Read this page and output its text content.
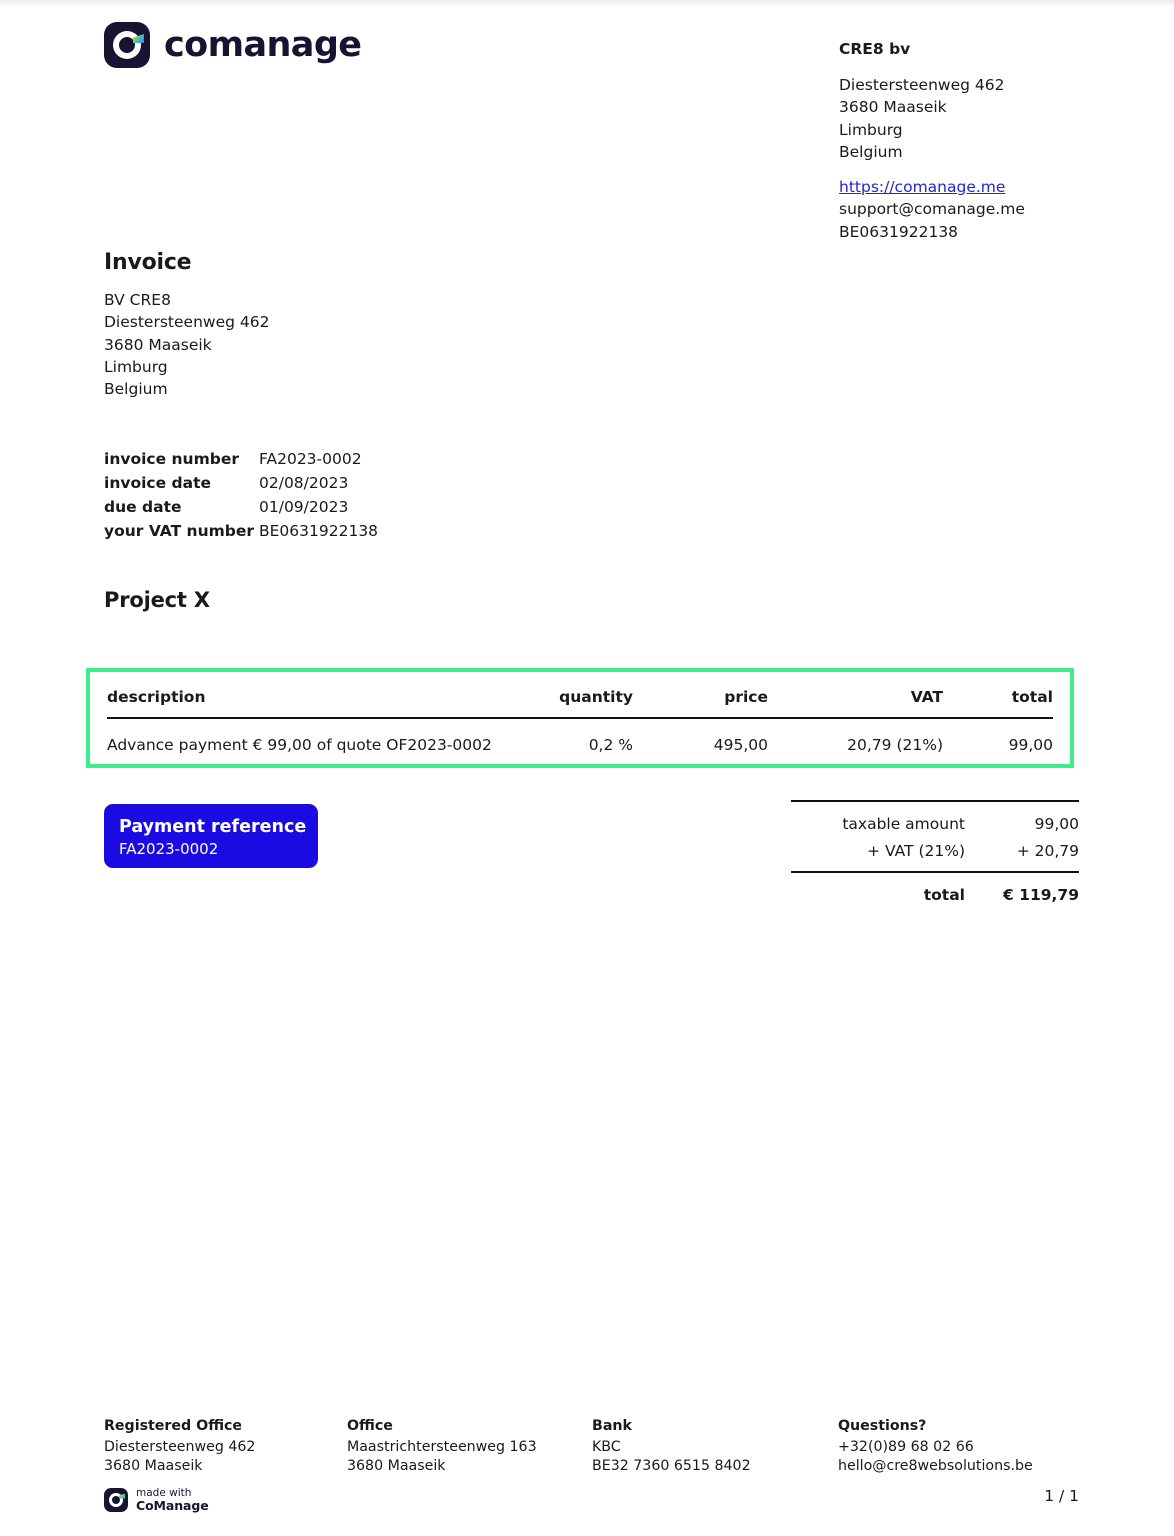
comanage	CRE8 bv
Diestersteenweg 462
3680 Maaseik
Limburg
Belgium
https://comanage.me
support@comanage.me
BE0631922138
Invoice
BV CRE8
Diestersteenweg 462
3680 Maaseik
Limburg
Belgium
invoice number	FA2023-0002
invoice date	02/08/2023
due date	01/09/2023
your VAT number BE0631922138
Project X
description	quantity	price	VAT	total
Advance payment € 99,00 of quote OF2023-0002	0,2 %	495,00	20,79 (21%)	99,00
Payment reference
FA2023-0002
taxable amount	99,00
+ VAT (21%)	+ 20,79
total	€ 119,79
Registered Office
Diestersteenweg 462
3680 Maaseik
Office
Maastrichtersteenweg 163
3680 Maaseik
Bank
KBC
BE32 7360 6515 8402
Questions?
+32(0)89 68 02 66
hello@cre8websolutions.be
made with
CoManage	1 / 1
